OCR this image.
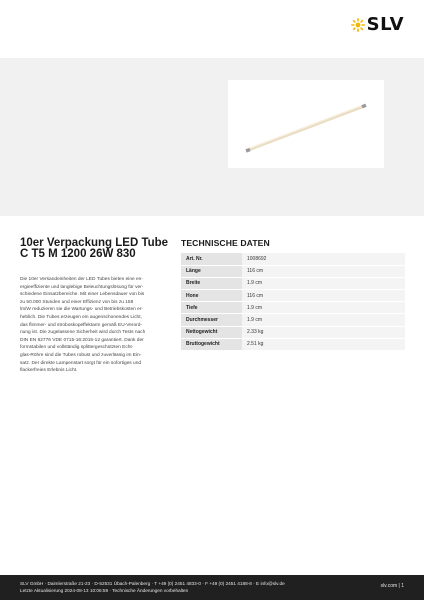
SLV
10er Verpackung LED Tube C T5 M 1200 26W 830
Die 10er Versandeinheiten der LED Tubes bieten eine en-
ergieeffiziente und langlebige Beleuchtungslösung für ver-
schiedene Einsatzbereiche. Mit einer Lebensdauer von bis
zu 50.000 Stunden und einer Effizienz von bis zu 158
lm/W reduzieren sie die Wartungs- und Betriebskosten er-
heblich. Die Tubes erzeugen ein augenschonendes Licht,
das flimmer- und stroboskopeffektarm gemäß EU-Verord-
nung ist. Die zugelassene Sicherheit wird durch Tests nach
DIN EN 62776 VDE 0715-16:2015-12 garantiert. Dank der
formstabilen und vollständig splittergeschützten Echt-
glas-Röhre sind die Tubes robust und zuverlässig im Ein-
satz. Der direkte Lampenstart sorgt für ein sofortiges und
flackerfreies Erlebnis Licht.
TECHNISCHE DATEN
Art. Nr.	1008692
Länge	116 cm
Breite	1.9 cm
Hone	116 cm
Tiefe	1.9 cm
Durchmesser	1.9 cm
Nettogewicht	2.33 kg
Bruttogewicht	2.51 kg
SLV GmbH · Daimlerstraße 21-23 · D-52531 Übach-Palenberg · T +49 (0) 2451 4833-0 · F +49 (0) 2451 4188-8 · E info@slv.de
Letzte Aktualisierung 2024-08-13 10:06:59 · Technische Änderungen vorbehalten
slv.com | 1
